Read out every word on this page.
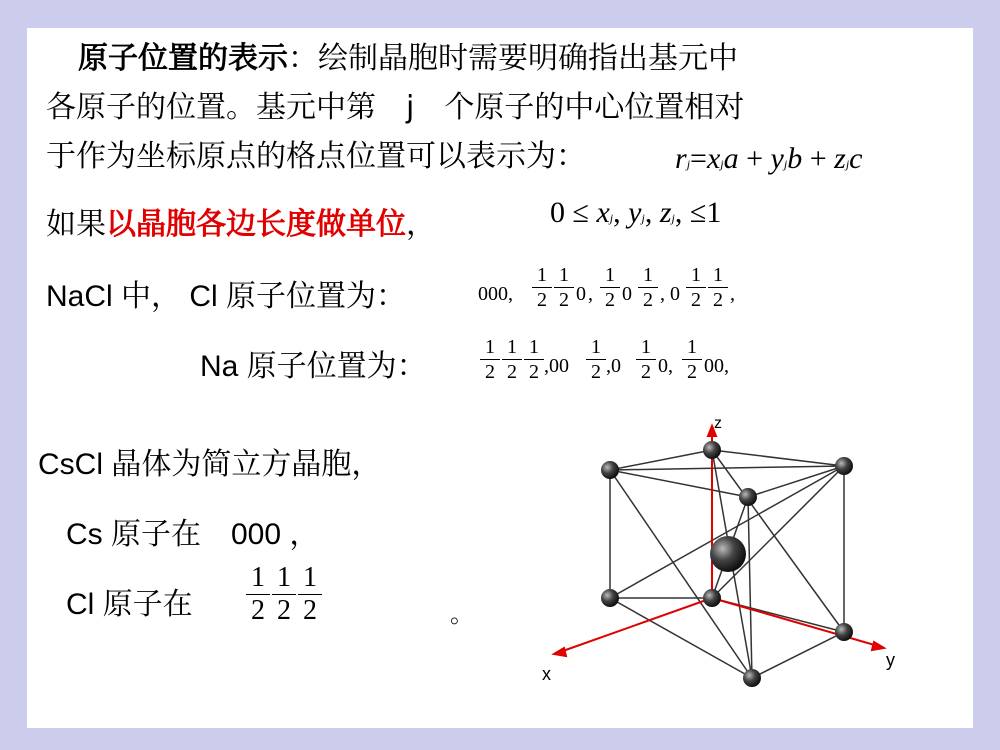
原子位置的表示：绘制晶胞时需要明确指出基元中
各原子的位置。基元中第　j　个原子的中心位置相对
于作为坐标原点的格点位置可以表示为：	rj=xja + yjb + zjc
如果以晶胞各边长度做单位，	0 ≤ xj, yj, zj, ≤1
NaCl 中， Cl 原子位置为：	000, $\frac{1}{2} \frac{1}{2} 0$ , $\frac{1}{2} 0 \frac{1}{2}$ , $0 \frac{1}{2} \frac{1}{2}$ ,
Na 原子位置为：	$\frac{1}{2} \frac{1}{2} \frac{1}{2} ,00 \frac{1}{2} ,0 \frac{1}{2} 0$, $\frac{1}{2} 00$,
CsCl 晶体为简立方晶胞，
Cs 原子在　000 ，
Cl 原子在 $\frac{1}{2} \frac{1}{2} \frac{1}{2}$	。
z
y
x
